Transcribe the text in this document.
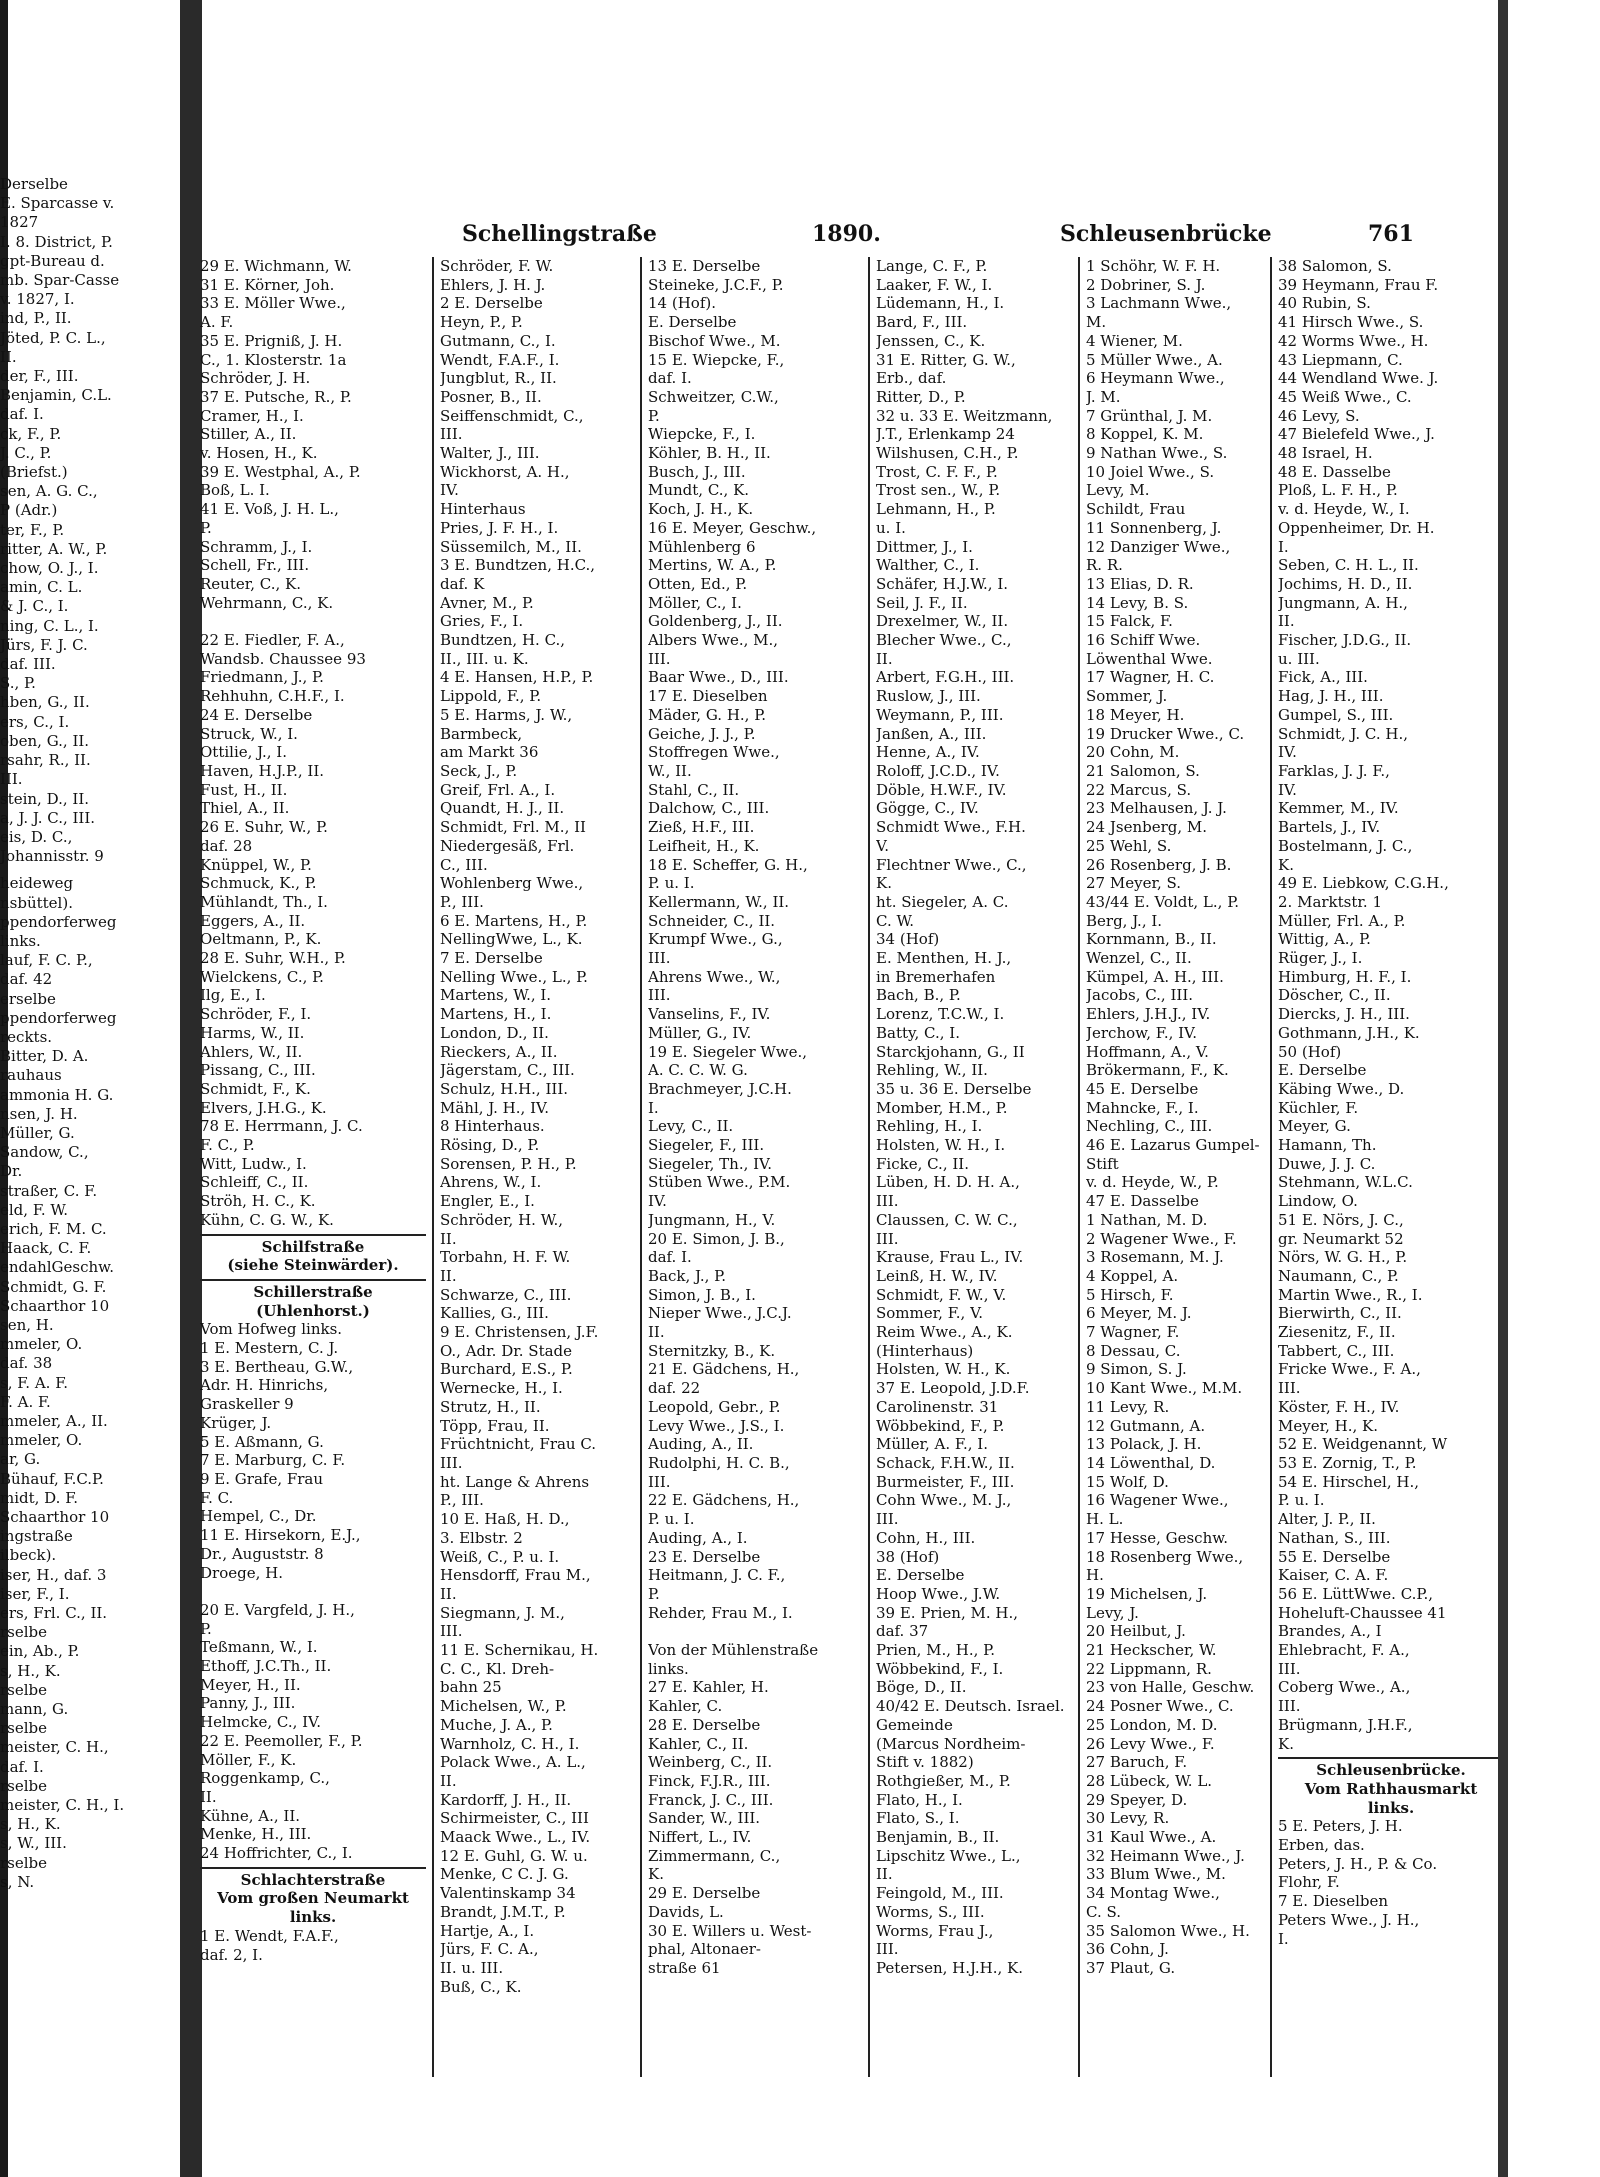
Derselbe
E. Sparcasse v.
1827
I. 8. District, P.
gpt-Bureau d.
mb. Spar-Casse
v. 1827, I.
ind, P., II.
Jöted, P. C. L.,
II.
der, F., III.
Benjamin, C.L.
daf. I.
ck, F., P.
J. C., P.
(Briefst.)
sen, A. G. C.,
P (Adr.)
ter, F., P.
ritter, A. W., P.
chow, O. J., I.
amin, C. L.
& J. C., I.
ning, C. L., I.
Jürs, F. J. C.
daf. III.
S., P.
hben, G., II.
ers, C., I.
oben, G., II.
rsahr, R., II.
III.
stein, D., II.
a, J. J. C., III.
eis, D. C.,
Johannisstr. 9
heideweg
nsbüttel).
ppendorferweg
links.
lauf, F. C. P.,
daf. 42
erselbe
ppendorferweg
reckts.
Bitter, D. A.
rauhaus
ammonia H. G.
nsen, J. H.
Müller, G.
Sandow, C.,
Dr.
straßer, C. F.
eld, F. W.
erich, F. M. C.
Haack, C. F.
endahlGeschw.
Schmidt, G. F.
Schaarthor 10
sen, H.
mmeler, O.
daf. 38
s, F. A. F.
F. A. F.
mmeler, A., II.
mmeler, O.
ar, G.
Bühauf, F.C.P.
midt, D. F.
Schaarthor 10
ingstraße
ilbeck).
iser, H., daf. 3
iser, F., I.
ers, Frl. C., II.
rselbe
ein, Ab., P.
s, H., K.
rselbe
mann, G.
rselbe
meister, C. H.,
daf. I.
rselbe
meister, C. H., I.
s, H., K.
s, W., III.
rselbe
s, N.
Schellingstraße	1890.	Schleusenbrücke	761
29 E. Wichmann, W.
31 E. Körner, Joh.
33 E. Möller Wwe.,
A. F.
35 E. Prigniß, J. H.
C., 1. Klosterstr. 1a
Schröder, J. H.
37 E. Putsche, R., P.
Cramer, H., I.
Stiller, A., II.
v. Hosen, H., K.
39 E. Westphal, A., P.
Boß, L. I.
41 E. Voß, J. H. L.,
P.
Schramm, J., I.
Schell, Fr., III.
Reuter, C., K.
Wehrmann, C., K.

22 E. Fiedler, F. A.,
Wandsb. Chaussee 93
Friedmann, J., P.
Rehhuhn, C.H.F., I.
24 E. Derselbe
Struck, W., I.
Ottilie, J., I.
Haven, H.J.P., II.
Fust, H., II.
Thiel, A., II.
26 E. Suhr, W., P.
daf. 28
Knüppel, W., P.
Schmuck, K., P.
Mühlandt, Th., I.
Eggers, A., II.
Oeltmann, P., K.
28 E. Suhr, W.H., P.
Wielckens, C., P.
Ilg, E., I.
Schröder, F., I.
Harms, W., II.
Ahlers, W., II.
Pissang, C., III.
Schmidt, F., K.
Elvers, J.H.G., K.
78 E. Herrmann, J. C.
F. C., P.
Witt, Ludw., I.
Schleiff, C., II.
Ströh, H. C., K.
Kühn, C. G. W., K.
Schilfstraße
(siehe Steinwärder).
Schillerstraße
(Uhlenhorst.)
Vom Hofweg links.
1 E. Mestern, C. J.
3 E. Bertheau, G.W.,
Adr. H. Hinrichs,
Graskeller 9
Krüger, J.
5 E. Aßmann, G.
7 E. Marburg, C. F.
9 E. Grafe, Frau
F. C.
Hempel, C., Dr.
11 E. Hirsekorn, E.J.,
Dr., Auguststr. 8
Droege, H.

20 E. Vargfeld, J. H.,
P.
Teßmann, W., I.
Ethoff, J.C.Th., II.
Meyer, H., II.
Panny, J., III.
Helmcke, C., IV.
22 E. Peemoller, F., P.
Möller, F., K.
Roggenkamp, C.,
II.
Kühne, A., II.
Menke, H., III.
24 Hoffrichter, C., I.
Schlachterstraße
Vom großen Neumarkt
links.
1 E. Wendt, F.A.F.,
daf. 2, I.
Schröder, F. W.
Ehlers, J. H. J.
2 E. Derselbe
Heyn, P., P.
Gutmann, C., I.
Wendt, F.A.F., I.
Jungblut, R., II.
Posner, B., II.
Seiffenschmidt, C.,
III.
Walter, J., III.
Wickhorst, A. H.,
IV.
Hinterhaus
Pries, J. F. H., I.
Süssemilch, M., II.
3 E. Bundtzen, H.C.,
daf. K
Avner, M., P.
Gries, F., I.
Bundtzen, H. C.,
II., III. u. K.
4 E. Hansen, H.P., P.
Lippold, F., P.
5 E. Harms, J. W.,
Barmbeck,
am Markt 36
Seck, J., P.
Greif, Frl. A., I.
Quandt, H. J., II.
Schmidt, Frl. M., II
Niedergesäß, Frl.
C., III.
Wohlenberg Wwe.,
P., III.
6 E. Martens, H., P.
NellingWwe, L., K.
7 E. Derselbe
Nelling Wwe., L., P.
Martens, W., I.
Martens, H., I.
London, D., II.
Rieckers, A., II.
Jägerstam, C., III.
Schulz, H.H., III.
Mähl, J. H., IV.
8 Hinterhaus.
Rösing, D., P.
Sorensen, P. H., P.
Ahrens, W., I.
Engler, E., I.
Schröder, H. W.,
II.
Torbahn, H. F. W.
II.
Schwarze, C., III.
Kallies, G., III.
9 E. Christensen, J.F.
O., Adr. Dr. Stade
Burchard, E.S., P.
Wernecke, H., I.
Strutz, H., II.
Töpp, Frau, II.
Früchtnicht, Frau C.
III.
ht. Lange & Ahrens
P., III.
10 E. Haß, H. D.,
3. Elbstr. 2
Weiß, C., P. u. I.
Hensdorff, Frau M.,
II.
Siegmann, J. M.,
III.
11 E. Schernikau, H.
C. C., Kl. Dreh-
bahn 25
Michelsen, W., P.
Muche, J. A., P.
Warnholz, C. H., I.
Polack Wwe., A. L.,
II.
Kardorff, J. H., II.
Schirmeister, C., III
Maack Wwe., L., IV.
12 E. Guhl, G. W. u.
Menke, C C. J. G.
Valentinskamp 34
Brandt, J.M.T., P.
Hartje, A., I.
Jürs, F. C. A.,
II. u. III.
Buß, C., K.
13 E. Derselbe
Steineke, J.C.F., P.
14 (Hof).
E. Derselbe
Bischof Wwe., M.
15 E. Wiepcke, F.,
daf. I.
Schweitzer, C.W.,
P.
Wiepcke, F., I.
Köhler, B. H., II.
Busch, J., III.
Mundt, C., K.
Koch, J. H., K.
16 E. Meyer, Geschw.,
Mühlenberg 6
Mertins, W. A., P.
Otten, Ed., P.
Möller, C., I.
Goldenberg, J., II.
Albers Wwe., M.,
III.
Baar Wwe., D., III.
17 E. Dieselben
Mäder, G. H., P.
Geiche, J. J., P.
Stoffregen Wwe.,
W., II.
Stahl, C., II.
Dalchow, C., III.
Zieß, H.F., III.
Leifheit, H., K.
18 E. Scheffer, G. H.,
P. u. I.
Kellermann, W., II.
Schneider, C., II.
Krumpf Wwe., G.,
III.
Ahrens Wwe., W.,
III.
Vanselins, F., IV.
Müller, G., IV.
19 E. Siegeler Wwe.,
A. C. C. W. G.
Brachmeyer, J.C.H.
I.
Levy, C., II.
Siegeler, F., III.
Siegeler, Th., IV.
Stüben Wwe., P.M.
IV.
Jungmann, H., V.
20 E. Simon, J. B.,
daf. I.
Back, J., P.
Simon, J. B., I.
Nieper Wwe., J.C.J.
II.
Sternitzky, B., K.
21 E. Gädchens, H.,
daf. 22
Leopold, Gebr., P.
Levy Wwe., J.S., I.
Auding, A., II.
Rudolphi, H. C. B.,
III.
22 E. Gädchens, H.,
P. u. I.
Auding, A., I.
23 E. Derselbe
Heitmann, J. C. F.,
P.
Rehder, Frau M., I.

Von der Mühlenstraße
links.
27 E. Kahler, H.
Kahler, C.
28 E. Derselbe
Kahler, C., II.
Weinberg, C., II.
Finck, F.J.R., III.
Franck, J. C., III.
Sander, W., III.
Niffert, L., IV.
Zimmermann, C.,
K.
29 E. Derselbe
Davids, L.
30 E. Willers u. West-
phal, Altonaer-
straße 61
Lange, C. F., P.
Laaker, F. W., I.
Lüdemann, H., I.
Bard, F., III.
Jenssen, C., K.
31 E. Ritter, G. W.,
Erb., daf.
Ritter, D., P.
32 u. 33 E. Weitzmann,
J.T., Erlenkamp 24
Wilshusen, C.H., P.
Trost, C. F. F., P.
Trost sen., W., P.
Lehmann, H., P.
u. I.
Dittmer, J., I.
Walther, C., I.
Schäfer, H.J.W., I.
Seil, J. F., II.
Drexelmer, W., II.
Blecher Wwe., C.,
II.
Arbert, F.G.H., III.
Ruslow, J., III.
Weymann, P., III.
Janßen, A., III.
Henne, A., IV.
Roloff, J.C.D., IV.
Döble, H.W.F., IV.
Gögge, C., IV.
Schmidt Wwe., F.H.
V.
Flechtner Wwe., C.,
K.
ht. Siegeler, A. C.
C. W.
34 (Hof)
E. Menthen, H. J.,
in Bremerhafen
Bach, B., P.
Lorenz, T.C.W., I.
Batty, C., I.
Starckjohann, G., II
Rehling, W., II.
35 u. 36 E. Derselbe
Momber, H.M., P.
Rehling, H., I.
Holsten, W. H., I.
Ficke, C., II.
Lüben, H. D. H. A.,
III.
Claussen, C. W. C.,
III.
Krause, Frau L., IV.
Leinß, H. W., IV.
Schmidt, F. W., V.
Sommer, F., V.
Reim Wwe., A., K.
(Hinterhaus)
Holsten, W. H., K.
37 E. Leopold, J.D.F.
Carolinenstr. 31
Wöbbekind, F., P.
Müller, A. F., I.
Schack, F.H.W., II.
Burmeister, F., III.
Cohn Wwe., M. J.,
III.
Cohn, H., III.
38 (Hof)
E. Derselbe
Hoop Wwe., J.W.
39 E. Prien, M. H.,
daf. 37
Prien, M., H., P.
Wöbbekind, F., I.
Böge, D., II.
40/42 E. Deutsch. Israel.
Gemeinde
(Marcus Nordheim-
Stift v. 1882)
Rothgießer, M., P.
Flato, H., I.
Flato, S., I.
Benjamin, B., II.
Lipschitz Wwe., L.,
II.
Feingold, M., III.
Worms, S., III.
Worms, Frau J.,
III.
Petersen, H.J.H., K.
1 Schöhr, W. F. H.
2 Dobriner, S. J.
3 Lachmann Wwe.,
M.
4 Wiener, M.
5 Müller Wwe., A.
6 Heymann Wwe.,
J. M.
7 Grünthal, J. M.
8 Koppel, K. M.
9 Nathan Wwe., S.
10 Joiel Wwe., S.
Levy, M.
Schildt, Frau
11 Sonnenberg, J.
12 Danziger Wwe.,
R. R.
13 Elias, D. R.
14 Levy, B. S.
15 Falck, F.
16 Schiff Wwe.
Löwenthal Wwe.
17 Wagner, H. C.
Sommer, J.
18 Meyer, H.
19 Drucker Wwe., C.
20 Cohn, M.
21 Salomon, S.
22 Marcus, S.
23 Melhausen, J. J.
24 Jsenberg, M.
25 Wehl, S.
26 Rosenberg, J. B.
27 Meyer, S.
43/44 E. Voldt, L., P.
Berg, J., I.
Kornmann, B., II.
Wenzel, C., II.
Kümpel, A. H., III.
Jacobs, C., III.
Ehlers, J.H.J., IV.
Jerchow, F., IV.
Hoffmann, A., V.
Brökermann, F., K.
45 E. Derselbe
Mahncke, F., I.
Nechling, C., III.
46 E. Lazarus Gumpel-
Stift
v. d. Heyde, W., P.
47 E. Dasselbe
1 Nathan, M. D.
2 Wagener Wwe., F.
3 Rosemann, M. J.
4 Koppel, A.
5 Hirsch, F.
6 Meyer, M. J.
7 Wagner, F.
8 Dessau, C.
9 Simon, S. J.
10 Kant Wwe., M.M.
11 Levy, R.
12 Gutmann, A.
13 Polack, J. H.
14 Löwenthal, D.
15 Wolf, D.
16 Wagener Wwe.,
H. L.
17 Hesse, Geschw.
18 Rosenberg Wwe.,
H.
19 Michelsen, J.
Levy, J.
20 Heilbut, J.
21 Heckscher, W.
22 Lippmann, R.
23 von Halle, Geschw.
24 Posner Wwe., C.
25 London, M. D.
26 Levy Wwe., F.
27 Baruch, F.
28 Lübeck, W. L.
29 Speyer, D.
30 Levy, R.
31 Kaul Wwe., A.
32 Heimann Wwe., J.
33 Blum Wwe., M.
34 Montag Wwe.,
C. S.
35 Salomon Wwe., H.
36 Cohn, J.
37 Plaut, G.
38 Salomon, S.
39 Heymann, Frau F.
40 Rubin, S.
41 Hirsch Wwe., S.
42 Worms Wwe., H.
43 Liepmann, C.
44 Wendland Wwe. J.
45 Weiß Wwe., C.
46 Levy, S.
47 Bielefeld Wwe., J.
48 Israel, H.
48 E. Dasselbe
Ploß, L. F. H., P.
v. d. Heyde, W., I.
Oppenheimer, Dr. H.
I.
Seben, C. H. L., II.
Jochims, H. D., II.
Jungmann, A. H.,
II.
Fischer, J.D.G., II.
u. III.
Fick, A., III.
Hag, J. H., III.
Gumpel, S., III.
Schmidt, J. C. H.,
IV.
Farklas, J. J. F.,
IV.
Kemmer, M., IV.
Bartels, J., IV.
Bostelmann, J. C.,
K.
49 E. Liebkow, C.G.H.,
2. Marktstr. 1
Müller, Frl. A., P.
Wittig, A., P.
Rüger, J., I.
Himburg, H. F., I.
Döscher, C., II.
Diercks, J. H., III.
Gothmann, J.H., K.
50 (Hof)
E. Derselbe
Käbing Wwe., D.
Küchler, F.
Meyer, G.
Hamann, Th.
Duwe, J. J. C.
Stehmann, W.L.C.
Lindow, O.
51 E. Nörs, J. C.,
gr. Neumarkt 52
Nörs, W. G. H., P.
Naumann, C., P.
Martin Wwe., R., I.
Bierwirth, C., II.
Ziesenitz, F., II.
Tabbert, C., III.
Fricke Wwe., F. A.,
III.
Köster, F. H., IV.
Meyer, H., K.
52 E. Weidgenannt, W
53 E. Zornig, T., P.
54 E. Hirschel, H.,
P. u. I.
Alter, J. P., II.
Nathan, S., III.
55 E. Derselbe
Kaiser, C. A. F.
56 E. LüttWwe. C.P.,
Hoheluft-Chaussee 41
Brandes, A., I
Ehlebracht, F. A.,
III.
Coberg Wwe., A.,
III.
Brügmann, J.H.F.,
K.
Schleusenbrücke.
Vom Rathhausmarkt
links.
5 E. Peters, J. H.
Erben, das.
Peters, J. H., P. & Co.
Flohr, F.
7 E. Dieselben
Peters Wwe., J. H.,
I.
